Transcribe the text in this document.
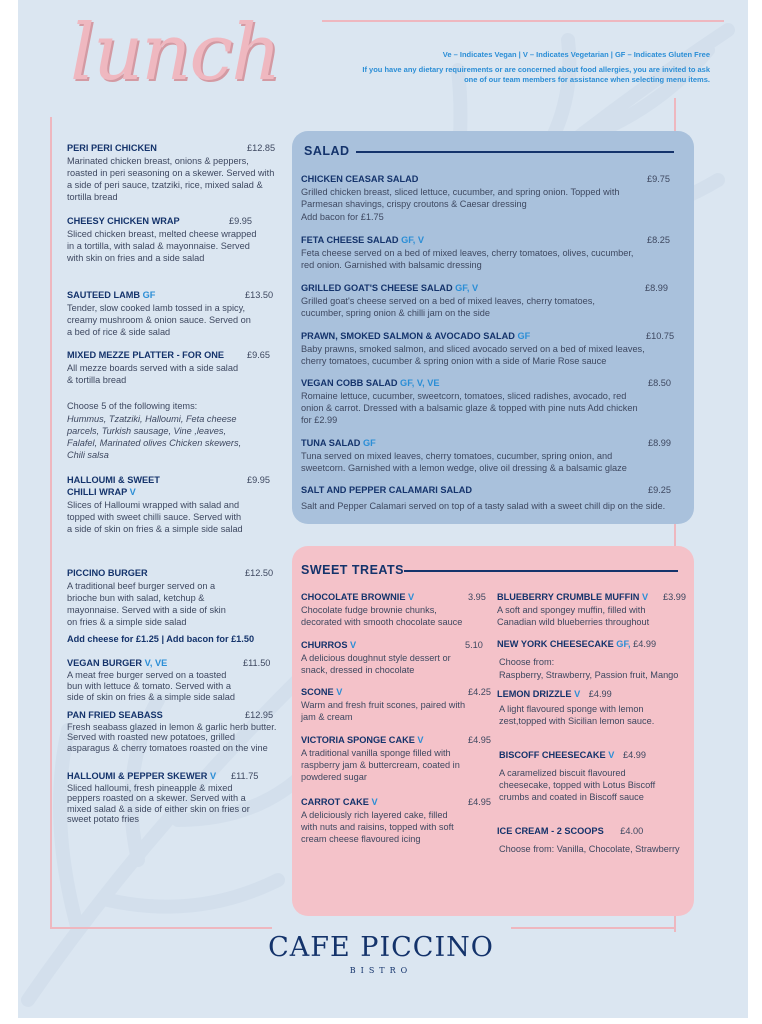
lunch	Ve – Indicates Vegan | V – Indicates Vegetarian | GF – Indicates Gluten Free

If you have any dietary requirements or are concerned about food allergies, you are invited to ask one of our team members for assistance when selecting menu items.

PERI PERI CHICKEN	£12.85
Marinated chicken breast, onions & peppers, roasted in peri seasoning on a skewer. Served with a side of peri sauce, tzatziki, rice, mixed salad & tortilla bread
CHEESY CHICKEN WRAP	£9.95
Sliced chicken breast, melted cheese wrapped in a tortilla, with salad & mayonnaise. Served with skin on fries and a side salad
SAUTEED LAMB GF	£13.50
Tender, slow cooked lamb tossed in a spicy, creamy mushroom & onion sauce. Served on a bed of rice & side salad
MIXED MEZZE PLATTER - FOR ONE	£9.65
All mezze boards served with a side salad & tortilla bread
Choose 5 of the following items:
Hummus, Tzatziki, Halloumi, Feta cheese parcels, Turkish sausage, Vine ,leaves, Falafel, Marinated olives Chicken skewers, Chili salsa
HALLOUMI & SWEET
CHILLI WRAP V
£9.95
Slices of Halloumi wrapped with salad and topped with sweet chilli sauce. Served with a side of skin on fries & a simple side salad
PICCINO BURGER	£12.50
A traditional beef burger served on a brioche bun with salad, ketchup & mayonnaise. Served with a side of skin on fries & a simple side salad
Add cheese for £1.25 | Add bacon for £1.50
VEGAN BURGER V, VE	£11.50
A meat free burger served on a toasted bun with lettuce & tomato. Served with a side of skin on fries & a simple side salad
PAN FRIED SEABASS	£12.95
Fresh seabass glazed in lemon & garlic herb butter. Served with roasted new potatoes, grilled asparagus & cherry tomatoes roasted on the vine
HALLOUMI & PEPPER SKEWER V	£11.75
Sliced halloumi, fresh pineapple & mixed peppers roasted on a skewer. Served with a mixed salad & a side of either skin on fries or sweet potato fries
SALAD
CHICKEN CEASAR SALAD	£9.75
Grilled chicken breast, sliced lettuce, cucumber, and spring onion. Topped with Parmesan shavings, crispy croutons & Caesar dressing
Add bacon for £1.75
FETA CHEESE SALAD GF, V	£8.25
Feta cheese served on a bed of mixed leaves, cherry tomatoes, olives, cucumber, red onion. Garnished with balsamic dressing
GRILLED GOAT'S CHEESE SALAD GF, V	£8.99
Grilled goat's cheese served on a bed of mixed leaves, cherry tomatoes, cucumber, spring onion & chilli jam on the side
PRAWN, SMOKED SALMON & AVOCADO SALAD GF	£10.75
Baby prawns, smoked salmon, and sliced avocado served on a bed of mixed leaves, cherry tomatoes, cucumber & spring onion with a side of Marie Rose sauce
VEGAN COBB SALAD GF, V, VE	£8.50
Romaine lettuce, cucumber, sweetcorn, tomatoes, sliced radishes, avocado, red onion & carrot. Dressed with a balsamic glaze & topped with pine nuts Add chicken for £2.99
TUNA SALAD GF	£8.99
Tuna served on mixed leaves, cherry tomatoes, cucumber, spring onion, and sweetcorn. Garnished with a lemon wedge, olive oil dressing & a balsamic glaze
SALT AND PEPPER CALAMARI SALAD	£9.25
Salt and Pepper Calamari served on top of a tasty salad with a sweet chill dip on the side.
SWEET TREATS
CHOCOLATE BROWNIE V	3.95
Chocolate fudge brownie chunks, decorated with smooth chocolate sauce
CHURROS V	5.10
A delicious doughnut style dessert or snack, dressed in chocolate
SCONE V	£4.25
Warm and fresh fruit scones, paired with jam & cream
VICTORIA SPONGE CAKE V	£4.95
A traditional vanilla sponge filled with raspberry jam & buttercream, coated in powdered sugar
CARROT CAKE V	£4.95
A deliciously rich layered cake, filled with nuts and raisins, topped with soft cream cheese flavoured icing
BLUEBERRY CRUMBLE MUFFIN V	£3.99
A soft and spongey muffin, filled with Canadian wild blueberries throughout
NEW YORK CHEESECAKE GF, £4.99
Choose from:
Raspberry, Strawberry, Passion fruit, Mango
LEMON DRIZZLE V £4.99
A light flavoured sponge with lemon zest,topped with Sicilian lemon sauce.
BISCOFF CHEESECAKE V £4.99
A caramelized biscuit flavoured cheesecake, topped with Lotus Biscoff crumbs and coated in Biscoff sauce
ICE CREAM - 2 SCOOPS £4.00
Choose from: Vanilla, Chocolate, Strawberry
CAFE PICCINO
BISTRO
